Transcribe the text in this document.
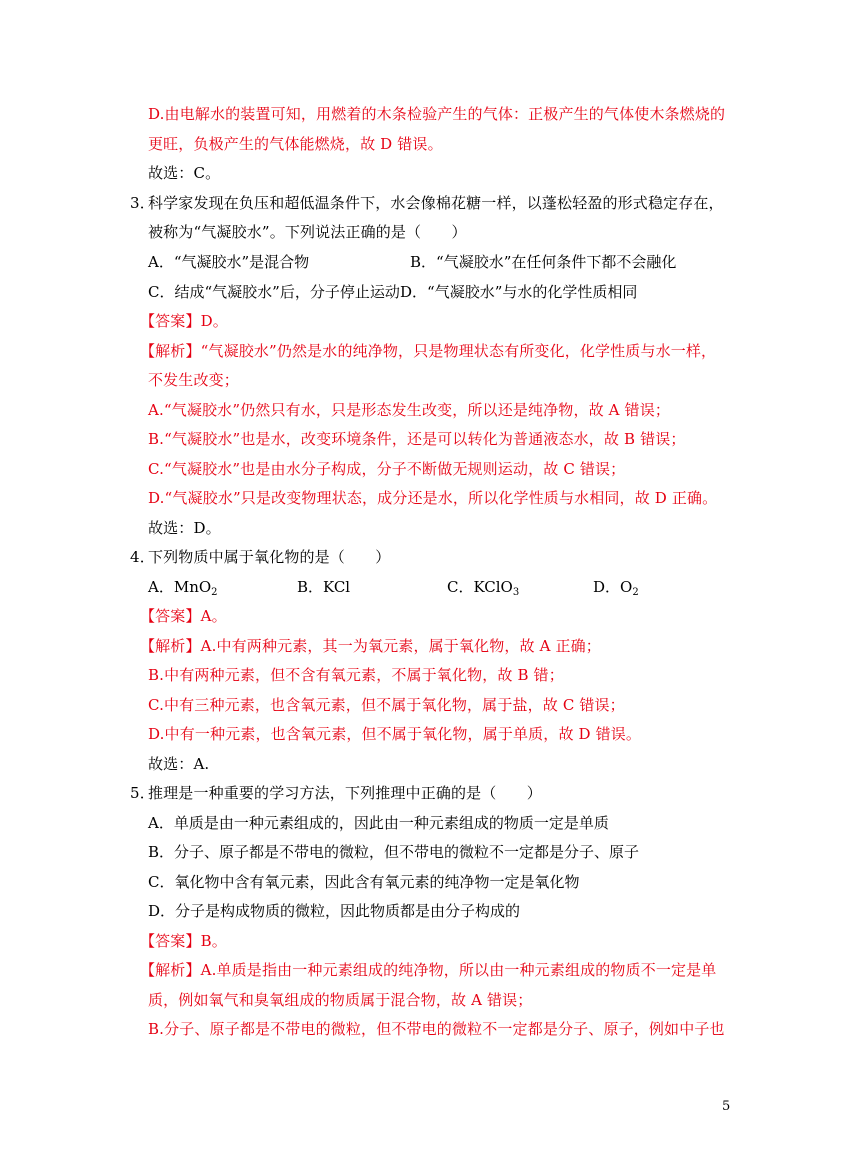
D.由电解水的装置可知，用燃着的木条检验产生的气体：正极产生的气体使木条燃烧的
更旺，负极产生的气体能燃烧，故 D 错误。
故选：C。
3．
科学家发现在负压和超低温条件下，水会像棉花糖一样，以蓬松轻盈的形式稳定存在，
被称为“气凝胶水”。下列说法正确的是（　　）
A．“气凝胶水”是混合物	B．“气凝胶水”在任何条件下都不会融化
C．结成“气凝胶水”后，分子停止运动 D．“气凝胶水”与水的化学性质相同
【答案】D。
【解析】“气凝胶水”仍然是水的纯净物，只是物理状态有所变化，化学性质与水一样，
不发生改变；
A.“气凝胶水”仍然只有水，只是形态发生改变，所以还是纯净物，故 A 错误；
B.“气凝胶水”也是水，改变环境条件，还是可以转化为普通液态水，故 B 错误；
C.“气凝胶水”也是由水分子构成，分子不断做无规则运动，故 C 错误；
D.“气凝胶水”只是改变物理状态，成分还是水，所以化学性质与水相同，故 D 正确。
故选：D。
4．
下列物质中属于氧化物的是（　　）
A．MnO$_2$	B．KCl	C．KClO$_3$	D．$O_2$
【答案】A。
【解析】A.中有两种元素，其一为氧元素，属于氧化物，故 A 正确；
B.中有两种元素，但不含有氧元素，不属于氧化物，故 B 错；
C.中有三种元素，也含氧元素，但不属于氧化物，属于盐，故 C 错误；
D.中有一种元素，也含氧元素，但不属于氧化物，属于单质，故 D 错误。
故选：A.
5．
推理是一种重要的学习方法，下列推理中正确的是（　　）
A．单质是由一种元素组成的，因此由一种元素组成的物质一定是单质
B．分子、原子都是不带电的微粒，但不带电的微粒不一定都是分子、原子
C．氧化物中含有氧元素，因此含有氧元素的纯净物一定是氧化物
D．分子是构成物质的微粒，因此物质都是由分子构成的
【答案】B。
【解析】A.单质是指由一种元素组成的纯净物，所以由一种元素组成的物质不一定是单
质，例如氧气和臭氧组成的物质属于混合物，故 A 错误；
B.分子、原子都是不带电的微粒，但不带电的微粒不一定都是分子、原子，例如中子也
5
